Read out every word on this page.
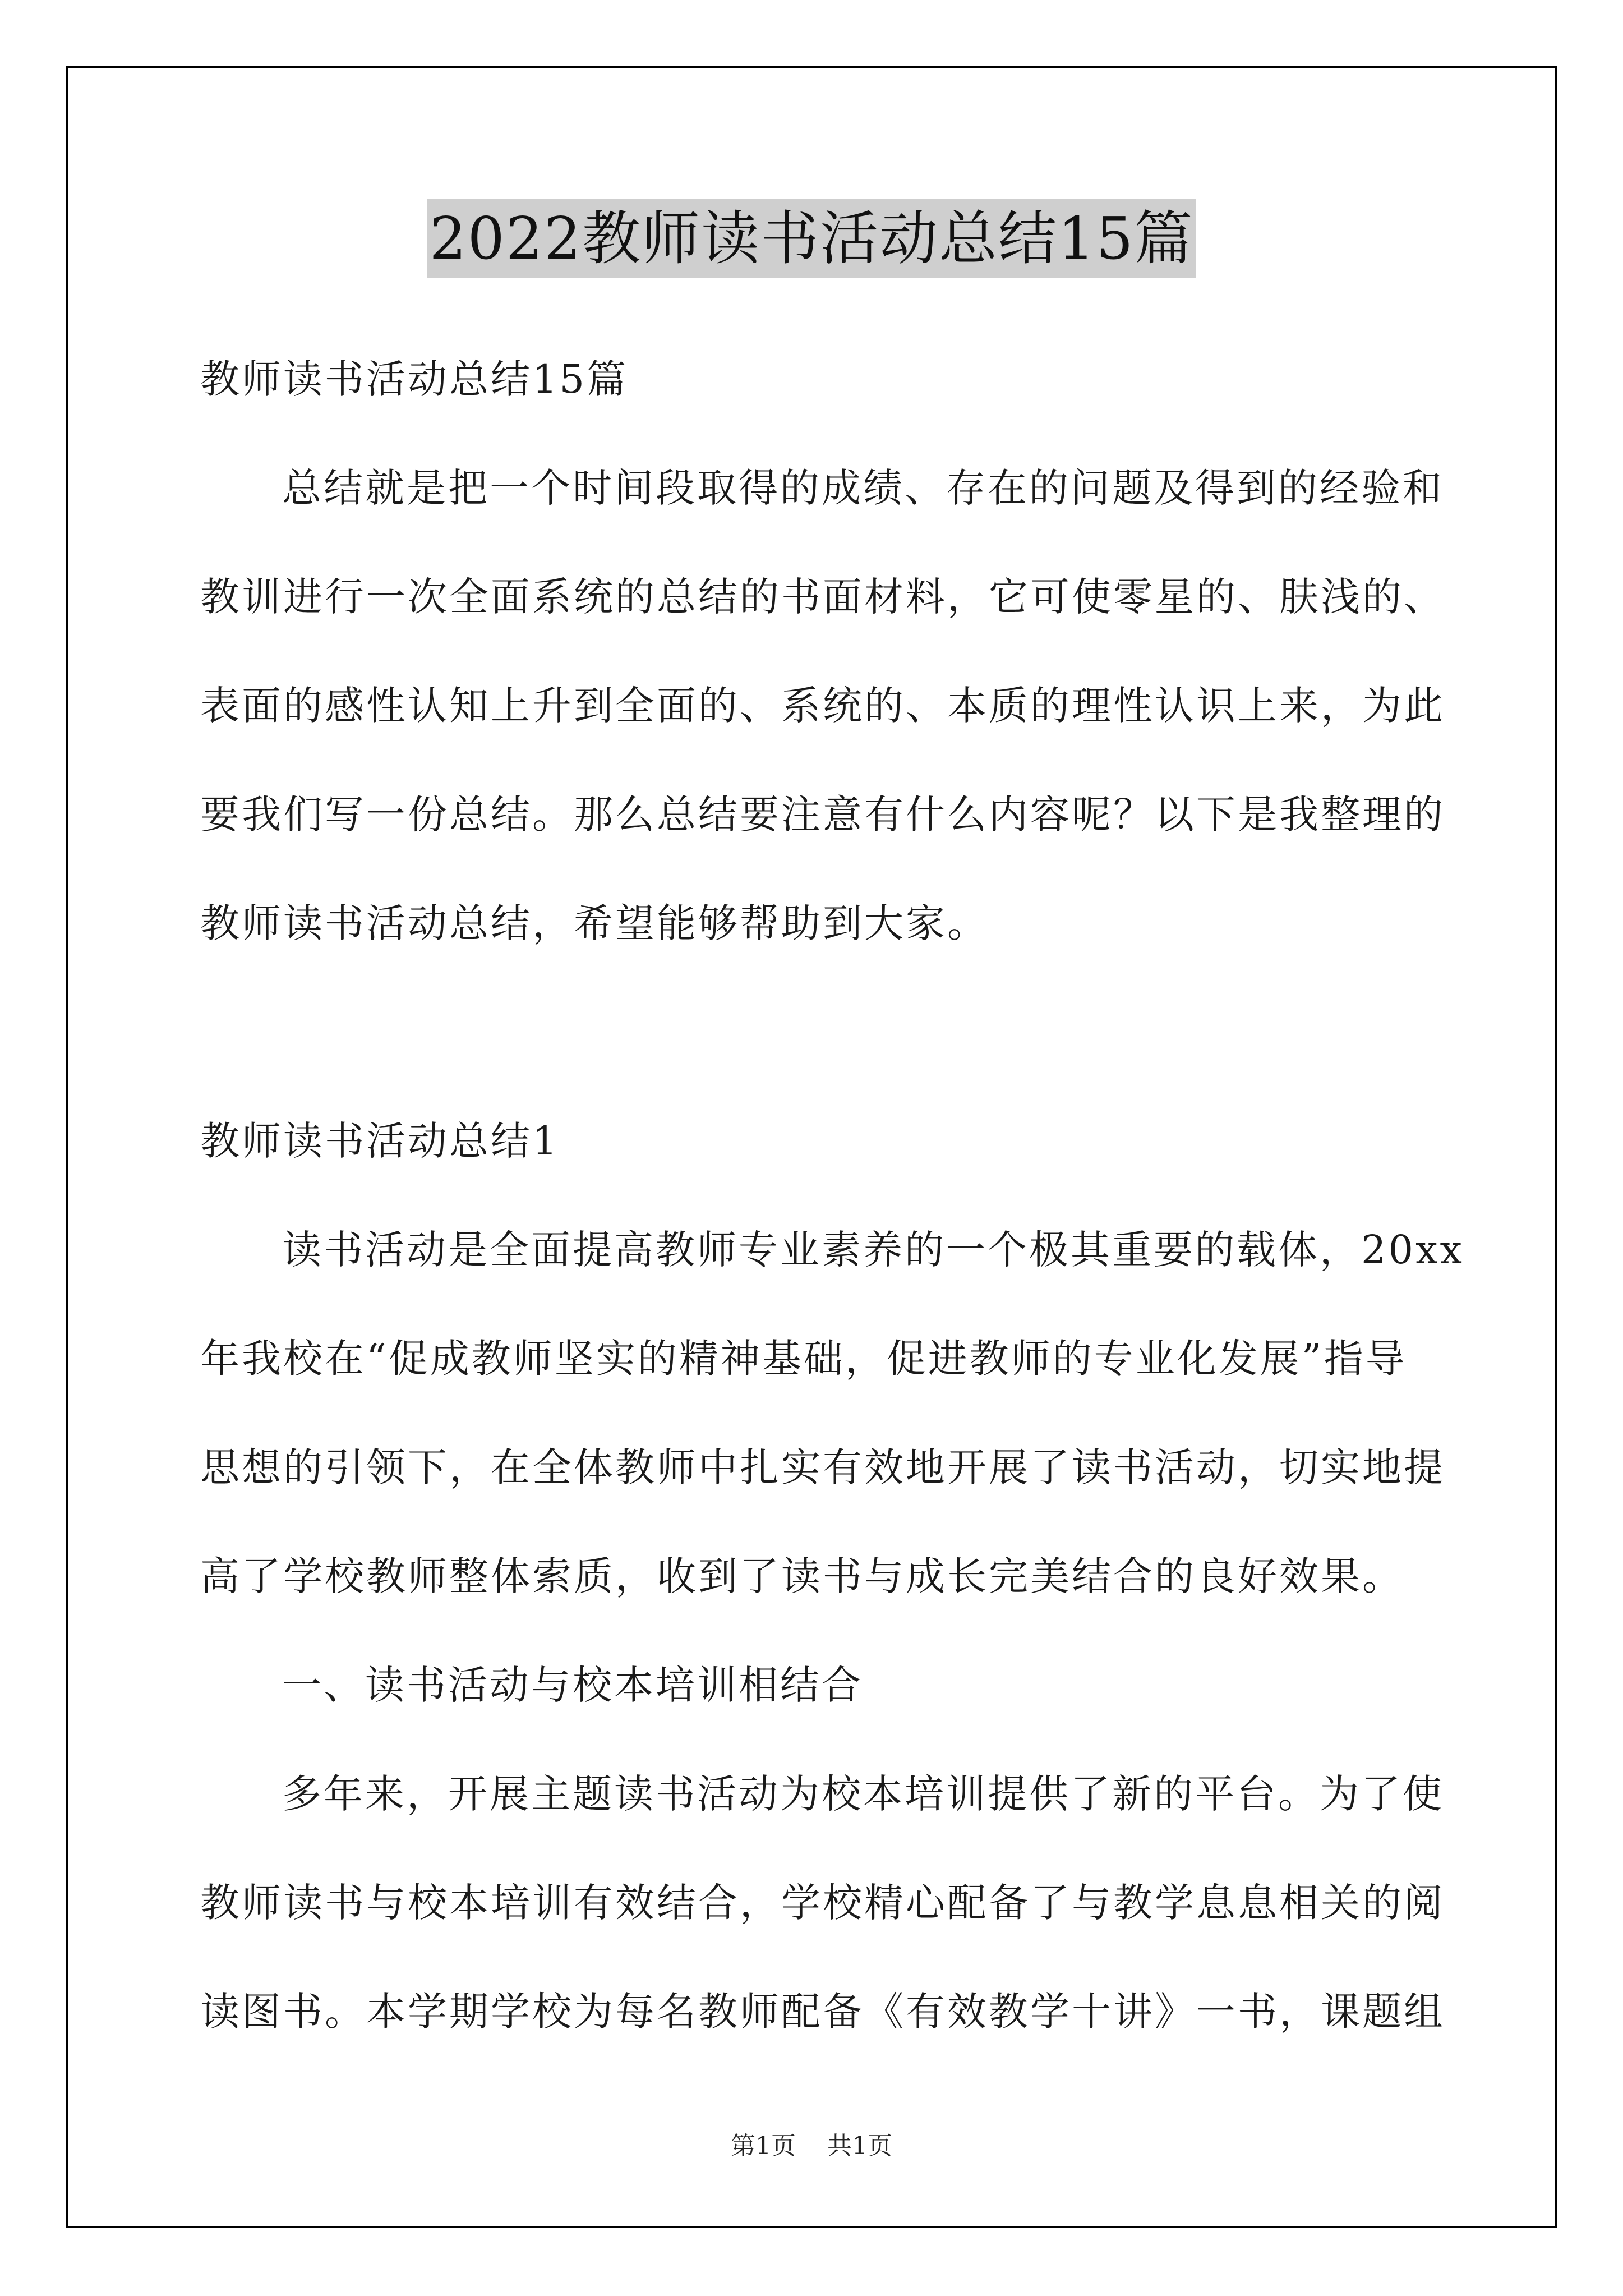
2022教师读书活动总结15篇
教师读书活动总结15篇
总结就是把一个时间段取得的成绩、存在的问题及得到的经验和
教训进行一次全面系统的总结的书面材料，它可使零星的、肤浅的、
表面的感性认知上升到全面的、系统的、本质的理性认识上来，为此
要我们写一份总结。那么总结要注意有什么内容呢？以下是我整理的
教师读书活动总结，希望能够帮助到大家。
教师读书活动总结1
读书活动是全面提高教师专业素养的一个极其重要的载体，20xx
年我校在“促成教师坚实的精神基础，促进教师的专业化发展”指导
思想的引领下，在全体教师中扎实有效地开展了读书活动，切实地提
高了学校教师整体索质，收到了读书与成长完美结合的良好效果。
一、读书活动与校本培训相结合
多年来，开展主题读书活动为校本培训提供了新的平台。为了使
教师读书与校本培训有效结合，学校精心配备了与教学息息相关的阅
读图书。本学期学校为每名教师配备《有效教学十讲》一书，课题组
第1页 共1页
